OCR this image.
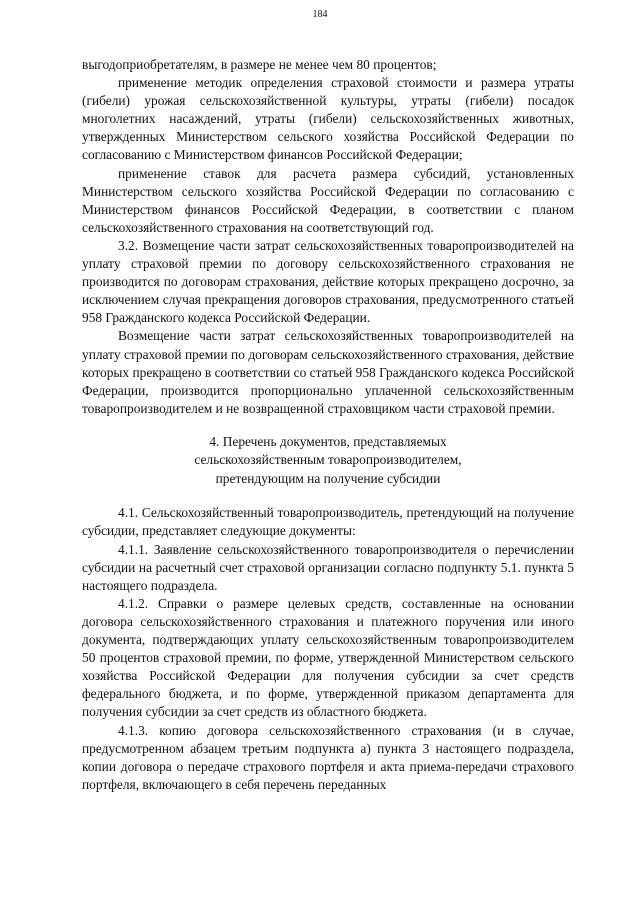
184

выгодоприобретателям, в размере не менее чем 80 процентов;

применение методик определения страховой стоимости и размера утраты (гибели) урожая сельскохозяйственной культуры, утраты (гибели) посадок многолетних насаждений, утраты (гибели) сельскохозяйственных животных, утвержденных Министерством сельского хозяйства Российской Федерации по согласованию с Министерством финансов Российской Федерации;

применение ставок для расчета размера субсидий, установленных Министерством сельского хозяйства Российской Федерации по согласованию с Министерством финансов Российской Федерации, в соответствии с планом сельскохозяйственного страхования на соответствующий год.

3.2. Возмещение части затрат сельскохозяйственных товаропроизводителей на уплату страховой премии по договору сельскохозяйственного страхования не производится по договорам страхования, действие которых прекращено досрочно, за исключением случая прекращения договоров страхования, предусмотренного статьей 958 Гражданского кодекса Российской Федерации.

Возмещение части затрат сельскохозяйственных товаропроизводителей на уплату страховой премии по договорам сельскохозяйственного страхования, действие которых прекращено в соответствии со статьей 958 Гражданского кодекса Российской Федерации, производится пропорционально уплаченной сельскохозяйственным товаропроизводителем и не возвращенной страховщиком части страховой премии.

4. Перечень документов, представляемых
сельскохозяйственным товаропроизводителем,
претендующим на получение субсидии

4.1. Сельскохозяйственный товаропроизводитель, претендующий на получение субсидии, представляет следующие документы:

4.1.1. Заявление сельскохозяйственного товаропроизводителя о перечислении субсидии на расчетный счет страховой организации согласно подпункту 5.1. пункта 5 настоящего подраздела.

4.1.2. Справки о размере целевых средств, составленные на основании договора сельскохозяйственного страхования и платежного поручения или иного документа, подтверждающих уплату сельскохозяйственным товаропроизводителем 50 процентов страховой премии, по форме, утвержденной Министерством сельского хозяйства Российской Федерации для получения субсидии за счет средств федерального бюджета, и по форме, утвержденной приказом департамента для получения субсидии за счет средств из областного бюджета.

4.1.3. копию договора сельскохозяйственного страхования (и в случае, предусмотренном абзацем третьим подпункта а) пункта 3 настоящего подраздела, копии договора о передаче страхового портфеля и акта приема-передачи страхового портфеля, включающего в себя перечень переданных
